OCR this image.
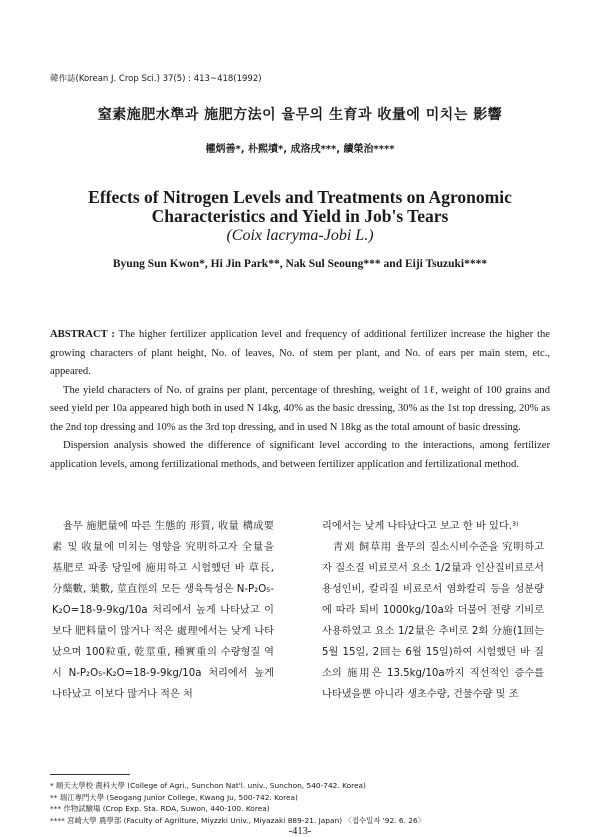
韓作誌(Korean J. Crop Sci.) 37(5) : 413~418(1992)
窒素施肥水準과 施肥方法이 율무의 生育과 收量에 미치는 影響
權炳善*, 朴熙墳*, 成洛戌***, 續榮治****
Effects of Nitrogen Levels and Treatments on Agronomic
Characteristics and Yield in Job's Tears
(Coix lacryma-Jobi L.)
Byung Sun Kwon*, Hi Jin Park**, Nak Sul Seoung*** and Eiji Tsuzuki****

ABSTRACT : The higher fertilizer application level and frequency of additional fertilizer increase the higher the growing characters of plant height, No. of leaves, No. of stem per plant, and No. of ears per main stem, etc., appeared.

The yield characters of No. of grains per plant, percentage of threshing, weight of 1ℓ, weight of 100 grains and seed yield per 10a appeared high both in used N 14kg, 40% as the basic dressing, 30% as the 1st top dressing, 20% as the 2nd top dressing and 10% as the 3rd top dressing, and in used N 18kg as the total amount of basic dressing.

Dispersion analysis showed the difference of significant level according to the interactions, among fertilizer application levels, among fertilizational methods, and between fertilizer application and fertilizational method.

율무 施肥量에 따른 生態的 形質, 收量 構成要素 및 收量에 미치는 영향을 究明하고자 全量을 基肥로 파종 당일에 施用하고 시험했던 바 草長, 分蘖數, 葉數, 莖直徑의 모든 생육특성은 N-P₂O₅-K₂O=18-9-9kg/10a 처리에서 높게 나타났고 이보다 肥料量이 많거나 적은 處理에서는 낮게 나타났으며 100粒重, 乾莖重, 種實重의 수량형질 역시 N-P₂O₅-K₂O=18-9-9kg/10a 처리에서 높게 나타났고 이보다 많거나 적은 처

리에서는 낮게 나타났다고 보고 한 바 있다.³⁾

靑刈 飼草用 율무의 질소시비수준을 究明하고자 질소질 비료로서 요소 1/2量과 인산질비료로서 용성인비, 칼리질 비료로서 염화칼리 등을 성분량에 따라 퇴비 1000kg/10a와 더불어 전량 기비로 사용하였고 요소 1/2量은 추비로 2회 分施(1回는 5월 15일, 2回는 6월 15일)하여 시험했던 바 질소의 施用은 13.5kg/10a까지 직선적인 증수를 나타냈을뿐 아니라 생초수량, 건물수량 및 조

* 順天大學校 農科大學 (College of Agri., Sunchon Nat'l. univ., Sunchon, 540-742. Korea)
** 瑞江專門大學 (Seogang Junior College, Kwang Ju, 500-742. Korea)
*** 作物試驗場 (Crop Exp. Sta. RDA, Suwon, 440-100. Korea)
**** 宮崎大學 農學部 (Faculty of Agrilture, Miyzzki Univ., Miyazaki 889-21. Japan) 〈접수일자 '92. 6. 26〉
-413-
